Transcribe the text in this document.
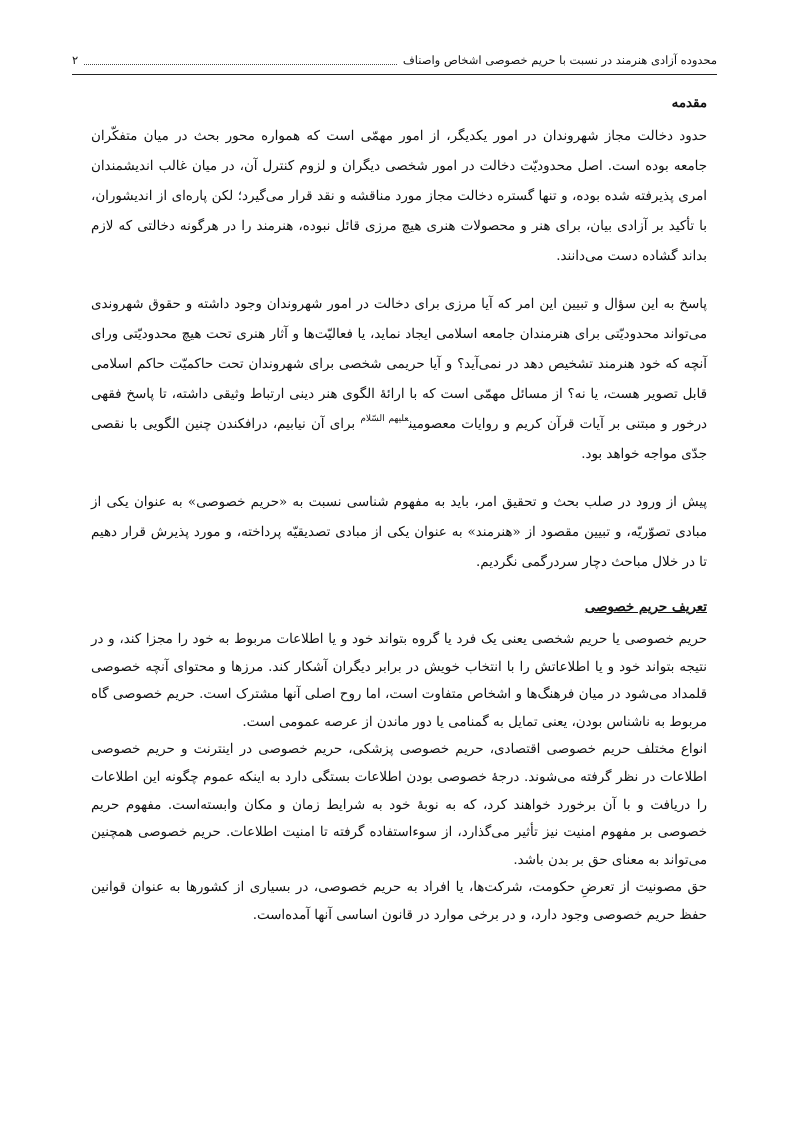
محدوده آزادی هنرمند در نسبت با حریم خصوصی اشخاص واصناف
۲
مقدمه

حدود دخالت مجاز شهروندان در امور یکدیگر، از امور مهمّی است که همواره محور بحث در میان متفکّران جامعه بوده است. اصل محدودیّت دخالت در امور شخصی دیگران و لزوم کنترل آن، در میان غالب اندیشمندان امری پذیرفته شده بوده، و تنها گستره دخالت مجاز مورد مناقشه و نقد قرار می‌گیرد؛ لکن پاره‌ای از اندیشوران، با تأکید بر آزادی بیان، برای هنر و محصولات هنری هیچ مرزی قائل نبوده، هنرمند را در هرگونه دخالتی که لازم بداند گشاده دست می‌دانند.

پاسخ به این سؤال و تبیین این امر که آیا مرزی برای دخالت در امور شهروندان وجود داشته و حقوق شهروندی می‌تواند محدودیّتی برای هنرمندان جامعه اسلامی ایجاد نماید، یا فعالیّت‌ها و آثار هنری تحت هیچ محدودیّتی ورای آنچه که خود هنرمند تشخیص دهد در نمی‌آید؟ و آیا حریمی شخصی برای شهروندان تحت حاکمیّت حاکم اسلامی قابل تصویر هست، یا نه؟ از مسائل مهمّی است که با ارائهٔ الگوی هنر دینی ارتباط وثیقی داشته، تا پاسخ فقهی درخور و مبتنی بر آیات قرآن کریم و روایات معصومین$^{علیهم السّلام}$ برای آن نیابیم، درافکندن چنین الگویی با نقصی جدّی مواجه خواهد بود.

پیش از ورود در صلب بحث و تحقیق امر، باید به مفهوم شناسی نسبت به «حریم خصوصی» به عنوان یکی از مبادی تصوّریّه، و تبیین مقصود از «هنرمند» به عنوان یکی از مبادی تصدیقیّه پرداخته، و مورد پذیرش قرار دهیم تا در خلال مباحث دچار سردرگمی نگردیم.

تعریف حریم خصوصی

حریم خصوصی یا حریم شخصی یعنی یک فرد یا گروه بتواند خود و یا اطلاعات مربوط به خود را مجزا کند، و در نتیجه بتواند خود و یا اطلاعاتش را با انتخاب خویش در برابر دیگران آشکار کند. مرزها و محتوای آنچه خصوصی قلمداد می‌شود در میان فرهنگ‌ها و اشخاص متفاوت است، اما روح اصلی آنها مشترک است. حریم خصوصی گاه مربوط به ناشناس بودن، یعنی تمایل به گمنامی یا دور ماندن از عرصه عمومی است.

انواع مختلف حریم خصوصی اقتصادی، حریم خصوصی پزشکی، حریم خصوصی در اینترنت و حریم خصوصی اطلاعات در نظر گرفته می‌شوند. درجهٔ خصوصی بودن اطلاعات بستگی دارد به اینکه عموم چگونه این اطلاعات را دریافت و با آن برخورد خواهند کرد، که به نوبهٔ خود به شرایط زمان و مکان وابسته‌است. مفهوم حریم خصوصی بر مفهوم امنیت نیز تأثیر می‌گذارد، از سوءاستفاده گرفته تا امنیت اطلاعات. حریم خصوصی همچنین می‌تواند به معنای حق بر بدن باشد.

حق مصونیت از تعرضِ حکومت، شرکت‌ها، یا افراد به حریم خصوصی، در بسیاری از کشورها به عنوان قوانین حفظ حریم خصوصی وجود دارد، و در برخی موارد در قانون اساسی آنها آمده‌است.
